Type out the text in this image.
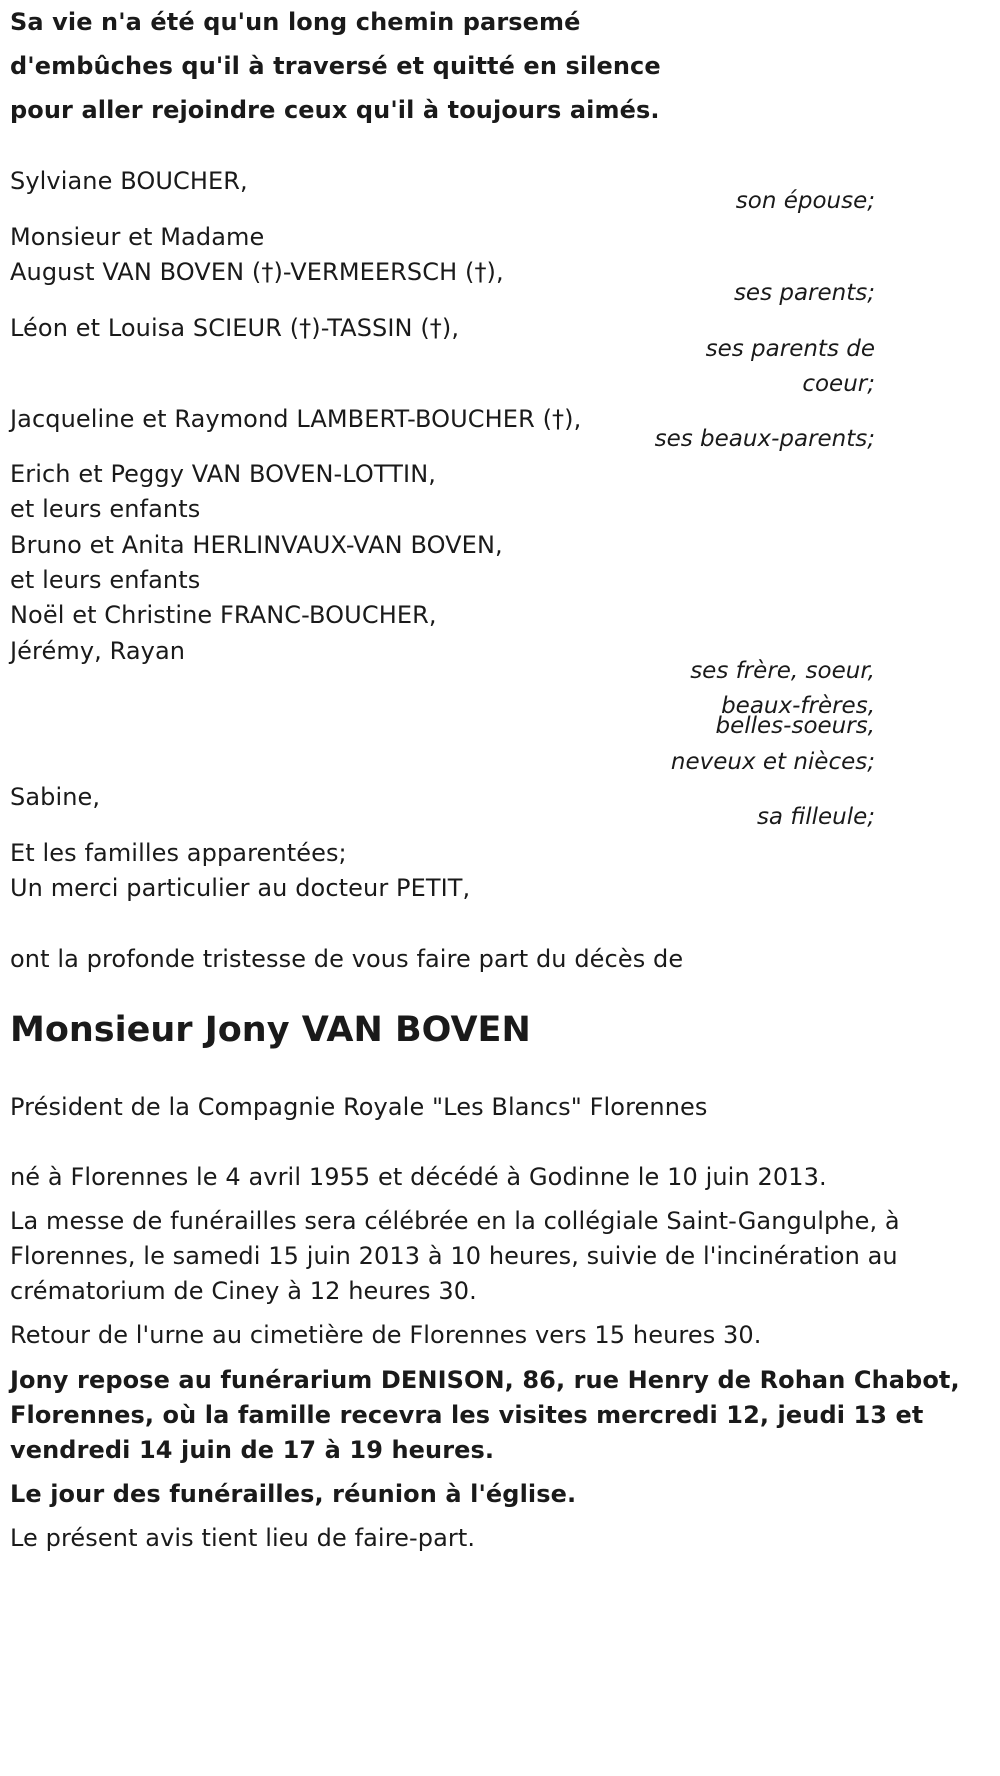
Sa vie n'a été qu'un long chemin parsemé
d'embûches qu'il à traversé et quitté en silence
pour aller rejoindre ceux qu'il à toujours aimés.
Sylviane BOUCHER,
son épouse;
Monsieur et Madame
August VAN BOVEN (†)-VERMEERSCH (†),
ses parents;
Léon et Louisa SCIEUR (†)-TASSIN (†),
ses parents de
coeur;
Jacqueline et Raymond LAMBERT-BOUCHER (†),
ses beaux-parents;
Erich et Peggy VAN BOVEN-LOTTIN,
et leurs enfants
Bruno et Anita HERLINVAUX-VAN BOVEN,
et leurs enfants
Noël et Christine FRANC-BOUCHER,
Jérémy, Rayan
ses frère, soeur,
beaux-frères,
belles-soeurs,
neveux et nièces;
Sabine,
sa filleule;
Et les familles apparentées;
Un merci particulier au docteur PETIT,
ont la profonde tristesse de vous faire part du décès de
Monsieur Jony VAN BOVEN
Président de la Compagnie Royale "Les Blancs" Florennes
né à Florennes le 4 avril 1955 et décédé à Godinne le 10 juin 2013.
La messe de funérailles sera célébrée en la collégiale Saint-Gangulphe, à
Florennes, le samedi 15 juin 2013 à 10 heures, suivie de l'incinération au
crématorium de Ciney à 12 heures 30.
Retour de l'urne au cimetière de Florennes vers 15 heures 30.
Jony repose au funérarium DENISON, 86, rue Henry de Rohan Chabot,
Florennes, où la famille recevra les visites mercredi 12, jeudi 13 et
vendredi 14 juin de 17 à 19 heures.
Le jour des funérailles, réunion à l'église.
Le présent avis tient lieu de faire-part.
